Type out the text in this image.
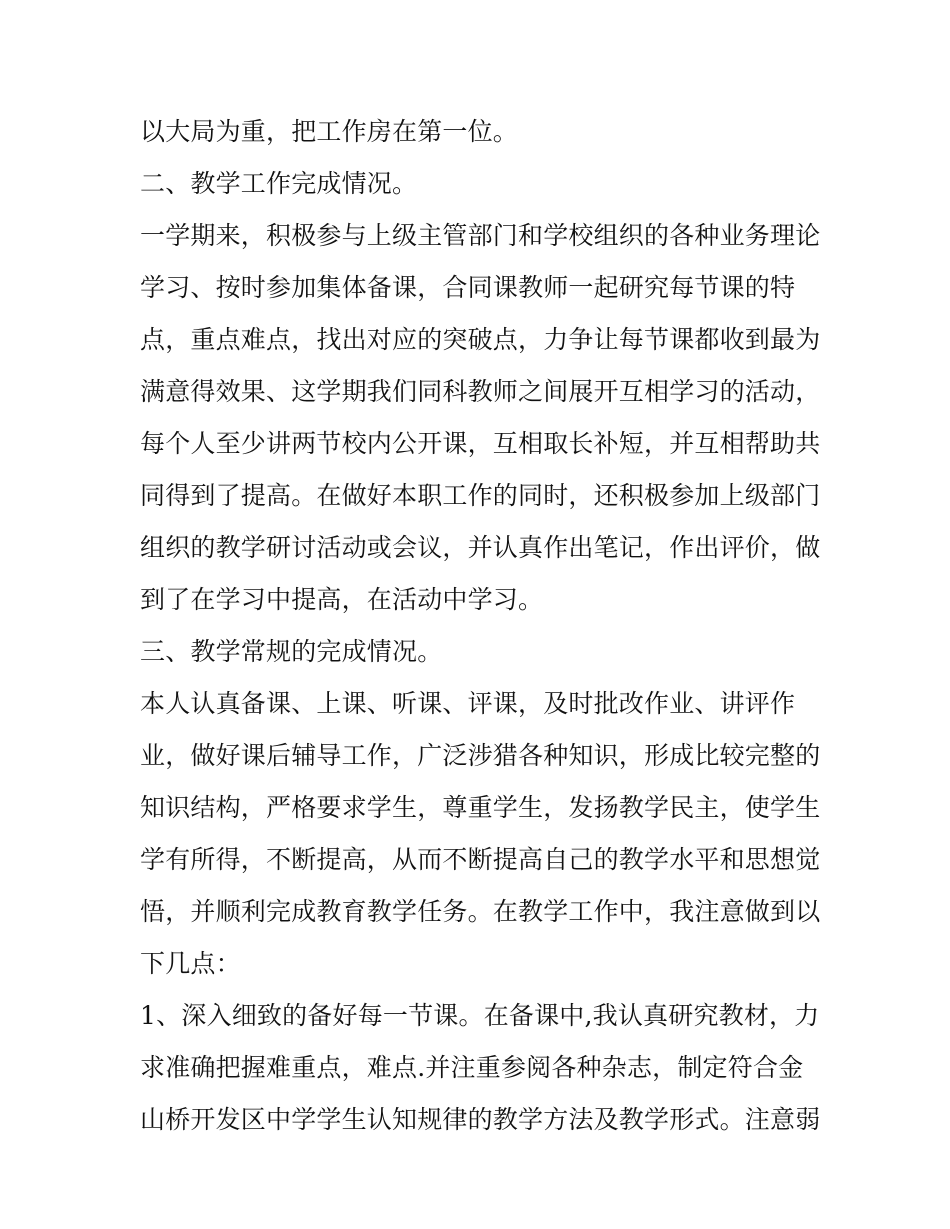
以大局为重，把工作房在第一位。
二、教学工作完成情况。
一学期来，积极参与上级主管部门和学校组织的各种业务理论
学习、按时参加集体备课，合同课教师一起研究每节课的特
点，重点难点，找出对应的突破点，力争让每节课都收到最为
满意得效果、这学期我们同科教师之间展开互相学习的活动，
每个人至少讲两节校内公开课，互相取长补短，并互相帮助共
同得到了提高。在做好本职工作的同时，还积极参加上级部门
组织的教学研讨活动或会议，并认真作出笔记，作出评价，做
到了在学习中提高，在活动中学习。
三、教学常规的完成情况。
本人认真备课、上课、听课、评课，及时批改作业、讲评作
业，做好课后辅导工作，广泛涉猎各种知识，形成比较完整的
知识结构，严格要求学生，尊重学生，发扬教学民主，使学生
学有所得，不断提高，从而不断提高自己的教学水平和思想觉
悟，并顺利完成教育教学任务。在教学工作中，我注意做到以
下几点：
1、深入细致的备好每一节课。在备课中,我认真研究教材，力
求准确把握难重点，难点.并注重参阅各种杂志，制定符合金
山桥开发区中学学生认知规律的教学方法及教学形式。注意弱
